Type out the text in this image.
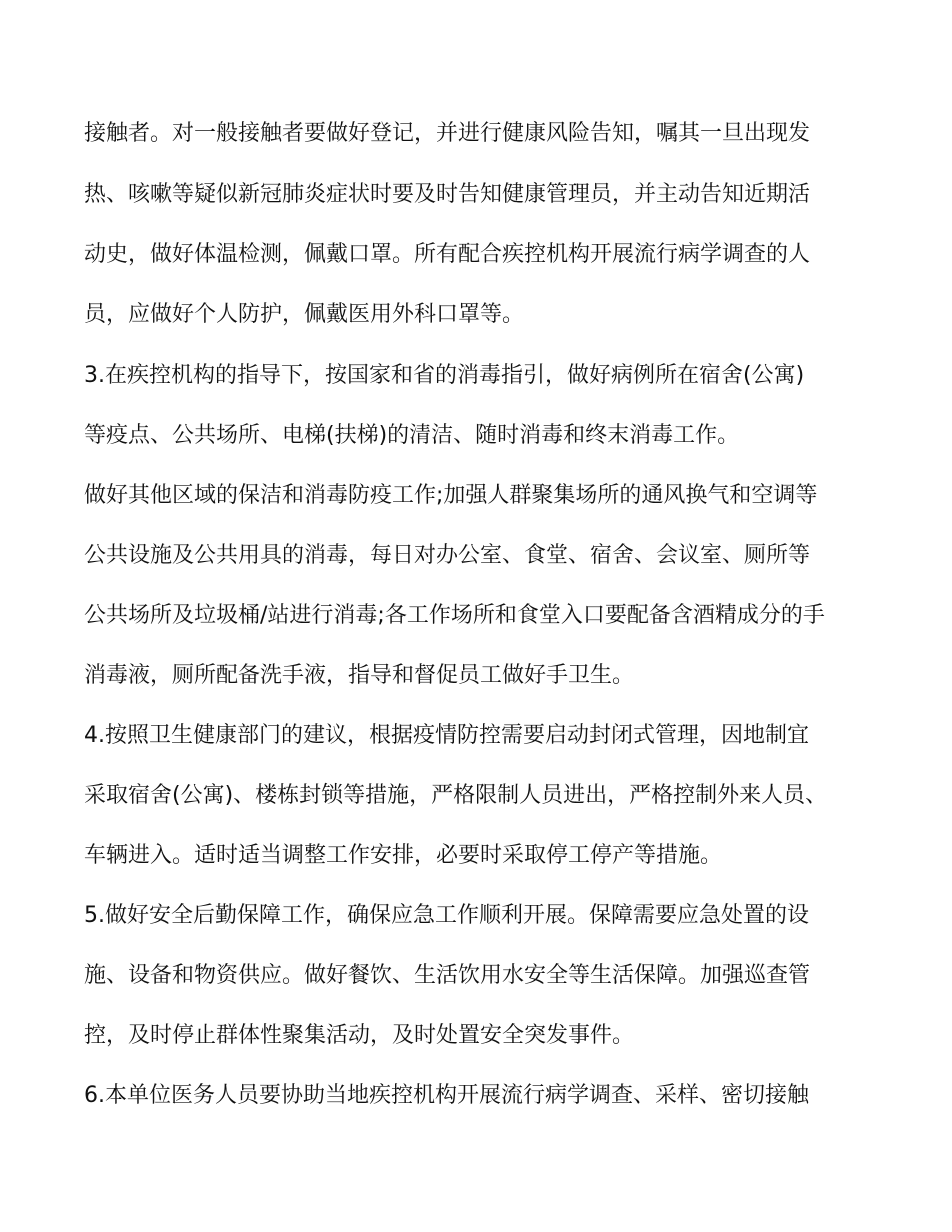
接触者。对一般接触者要做好登记，并进行健康风险告知，嘱其一旦出现发
热、咳嗽等疑似新冠肺炎症状时要及时告知健康管理员，并主动告知近期活
动史，做好体温检测，佩戴口罩。所有配合疾控机构开展流行病学调查的人
员，应做好个人防护，佩戴医用外科口罩等。
3.在疾控机构的指导下，按国家和省的消毒指引，做好病例所在宿舍(公寓)
等疫点、公共场所、电梯(扶梯)的清洁、随时消毒和终末消毒工作。
做好其他区域的保洁和消毒防疫工作;加强人群聚集场所的通风换气和空调等
公共设施及公共用具的消毒，每日对办公室、食堂、宿舍、会议室、厕所等
公共场所及垃圾桶/站进行消毒;各工作场所和食堂入口要配备含酒精成分的手
消毒液，厕所配备洗手液，指导和督促员工做好手卫生。
4.按照卫生健康部门的建议，根据疫情防控需要启动封闭式管理，因地制宜
采取宿舍(公寓)、楼栋封锁等措施，严格限制人员进出，严格控制外来人员、
车辆进入。适时适当调整工作安排，必要时采取停工停产等措施。
5.做好安全后勤保障工作，确保应急工作顺利开展。保障需要应急处置的设
施、设备和物资供应。做好餐饮、生活饮用水安全等生活保障。加强巡查管
控，及时停止群体性聚集活动，及时处置安全突发事件。
6.本单位医务人员要协助当地疾控机构开展流行病学调查、采样、密切接触
